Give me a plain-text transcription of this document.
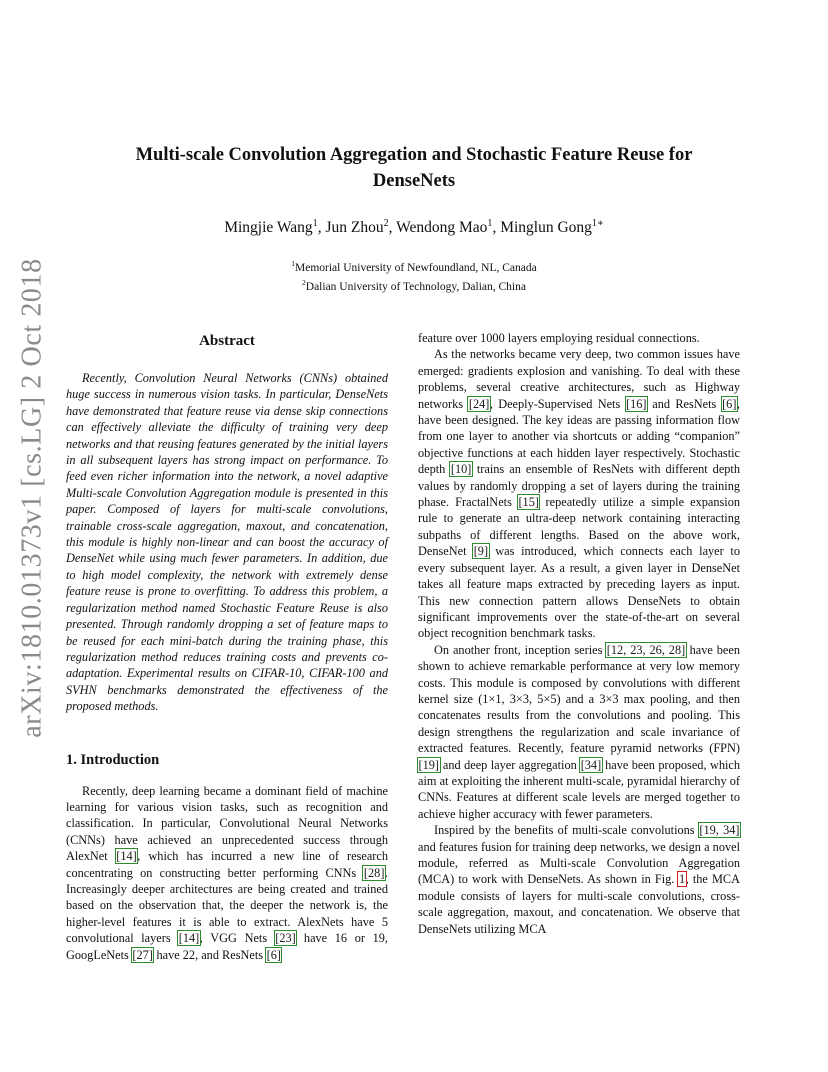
arXiv:1810.01373v1 [cs.LG] 2 Oct 2018
Multi-scale Convolution Aggregation and Stochastic Feature Reuse for
DenseNets
Mingjie Wang$^1$, Jun Zhou$^2$, Wendong Mao$^1$, Minglun Gong$^{1∗}$
$^1$Memorial University of Newfoundland, NL, Canada
$^2$Dalian University of Technology, Dalian, China
Abstract

Recently, Convolution Neural Networks (CNNs) obtained huge success in numerous vision tasks. In particular, DenseNets have demonstrated that feature reuse via dense skip connections can effectively alleviate the difficulty of training very deep networks and that reusing features generated by the initial layers in all subsequent layers has strong impact on performance. To feed even richer information into the network, a novel adaptive Multi-scale Convolution Aggregation module is presented in this paper. Composed of layers for multi-scale convolutions, trainable cross-scale aggregation, maxout, and concatenation, this module is highly non-linear and can boost the accuracy of DenseNet while using much fewer parameters. In addition, due to high model complexity, the network with extremely dense feature reuse is prone to overfitting. To address this problem, a regularization method named Stochastic Feature Reuse is also presented. Through randomly dropping a set of feature maps to be reused for each mini-batch during the training phase, this regularization method reduces training costs and prevents co-adaptation. Experimental results on CIFAR-10, CIFAR-100 and SVHN benchmarks demonstrated the effectiveness of the proposed methods.

1. Introduction

Recently, deep learning became a dominant field of machine learning for various vision tasks, such as recognition and classification. In particular, Convolutional Neural Networks (CNNs) have achieved an unprecedented success through AlexNet [14], which has incurred a new line of research concentrating on constructing better performing CNNs [28]. Increasingly deeper architectures are being created and trained based on the observation that, the deeper the network is, the higher-level features it is able to extract. AlexNets have 5 convolutional layers [14], VGG Nets [23] have 16 or 19, GoogLeNets [27] have 22, and ResNets [6]

feature over 1000 layers employing residual connections.

As the networks became very deep, two common issues have emerged: gradients explosion and vanishing. To deal with these problems, several creative architectures, such as Highway networks [24], Deeply-Supervised Nets [16] and ResNets [6], have been designed. The key ideas are passing information flow from one layer to another via shortcuts or adding “companion” objective functions at each hidden layer respectively. Stochastic depth [10] trains an ensemble of ResNets with different depth values by randomly dropping a set of layers during the training phase. FractalNets [15] repeatedly utilize a simple expansion rule to generate an ultra-deep network containing interacting subpaths of different lengths. Based on the above work, DenseNet [9] was introduced, which connects each layer to every subsequent layer. As a result, a given layer in DenseNet takes all feature maps extracted by preceding layers as input. This new connection pattern allows DenseNets to obtain significant improvements over the state-of-the-art on several object recognition benchmark tasks.

On another front, inception series [12, 23, 26, 28] have been shown to achieve remarkable performance at very low memory costs. This module is composed by convolutions with different kernel size (1×1, 3×3, 5×5) and a 3×3 max pooling, and then concatenates results from the convolutions and pooling. This design strengthens the regularization and scale invariance of extracted features. Recently, feature pyramid networks (FPN) [19] and deep layer aggregation [34] have been proposed, which aim at exploiting the inherent multi-scale, pyramidal hierarchy of CNNs. Features at different scale levels are merged together to achieve higher accuracy with fewer parameters.

Inspired by the benefits of multi-scale convolutions [19, 34] and features fusion for training deep networks, we design a novel module, referred as Multi-scale Convolution Aggregation (MCA) to work with DenseNets. As shown in Fig. 1, the MCA module consists of layers for multi-scale convolutions, cross-scale aggregation, maxout, and concatenation. We observe that DenseNets utilizing MCA
